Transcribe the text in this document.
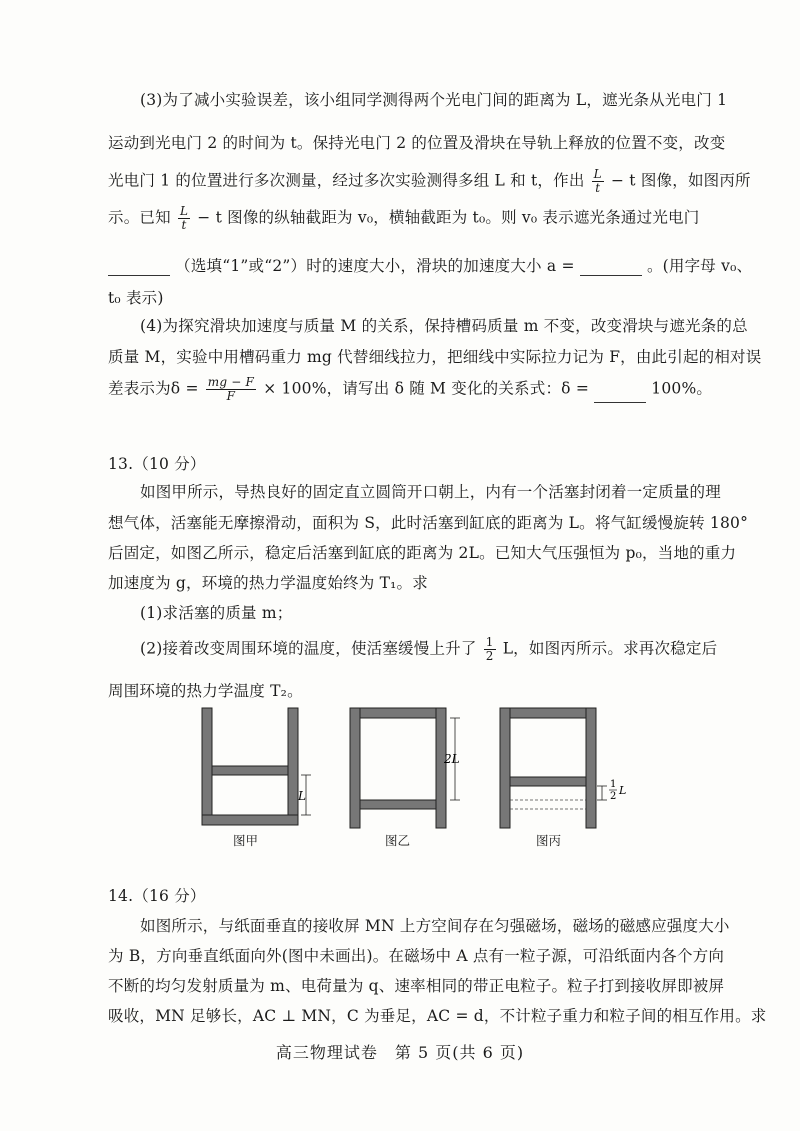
(3)为了减小实验误差，该小组同学测得两个光电门间的距离为 L，遮光条从光电门 1
运动到光电门 2 的时间为 t。保持光电门 2 的位置及滑块在导轨上释放的位置不变，改变
光电门 1 的位置进行多次测量，经过多次实验测得多组 L 和 t，作出 $\frac{L}{t} - t$ 图像，如图丙所
示。已知 $\frac{L}{t} - t$ 图像的纵轴截距为 v₀，横轴截距为 t₀。则 v₀ 表示遮光条通过光电门
（选填“1”或“2”）时的速度大小，滑块的加速度大小 a =	。(用字母 v₀、
t₀ 表示)
(4)为探究滑块加速度与质量 M 的关系，保持槽码质量 m 不变，改变滑块与遮光条的总
质量 M，实验中用槽码重力 mg 代替细线拉力，把细线中实际拉力记为 F，由此引起的相对误
差表示为$\delta = \frac{mg - F}{F} \times 100\%$，请写出 δ 随 M 变化的关系式：δ =	100%。
13.（10 分）
如图甲所示，导热良好的固定直立圆筒开口朝上，内有一个活塞封闭着一定质量的理
想气体，活塞能无摩擦滑动，面积为 S，此时活塞到缸底的距离为 L。将气缸缓慢旋转 180°
后固定，如图乙所示，稳定后活塞到缸底的距离为 2L。已知大气压强恒为 p₀，当地的重力
加速度为 g，环境的热力学温度始终为 T₁。求
(1)求活塞的质量 m；
(2)接着改变周围环境的温度，使活塞缓慢上升了 $\frac{1}{2}$ L，如图丙所示。求再次稳定后
周围环境的热力学温度 T₂。
L
2L
1
2 L
图甲	图乙	图丙
14.（16 分）
如图所示，与纸面垂直的接收屏 MN 上方空间存在匀强磁场，磁场的磁感应强度大小
为 B，方向垂直纸面向外(图中未画出)。在磁场中 A 点有一粒子源，可沿纸面内各个方向
不断的均匀发射质量为 m、电荷量为 q、速率相同的带正电粒子。粒子打到接收屏即被屏
吸收，MN 足够长，AC ⊥ MN，C 为垂足，AC = d，不计粒子重力和粒子间的相互作用。求
高三物理试卷　第 5 页(共 6 页)
